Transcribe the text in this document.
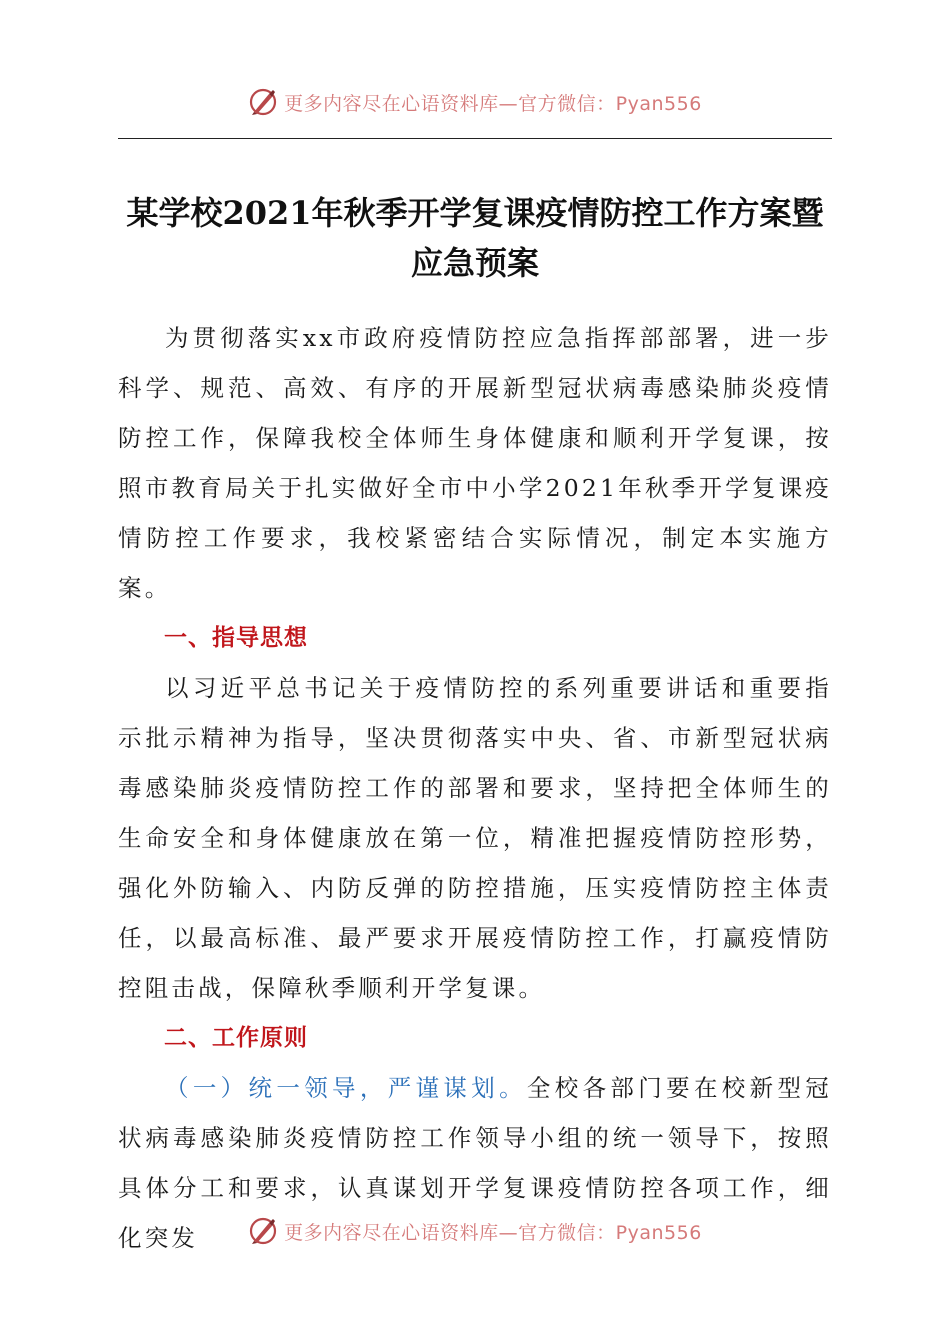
更多内容尽在心语资料库—官方微信：Pyan556
某学校2021年秋季开学复课疫情防控工作方案暨应急预案

为贯彻落实xx市政府疫情防控应急指挥部部署，进一步科学、规范、高效、有序的开展新型冠状病毒感染肺炎疫情防控工作，保障我校全体师生身体健康和顺利开学复课，按照市教育局关于扎实做好全市中小学2021年秋季开学复课疫情防控工作要求，我校紧密结合实际情况，制定本实施方案。

一、指导思想

以习近平总书记关于疫情防控的系列重要讲话和重要指示批示精神为指导，坚决贯彻落实中央、省、市新型冠状病毒感染肺炎疫情防控工作的部署和要求，坚持把全体师生的生命安全和身体健康放在第一位，精准把握疫情防控形势，强化外防输入、内防反弹的防控措施，压实疫情防控主体责任，以最高标准、最严要求开展疫情防控工作，打赢疫情防控阻击战，保障秋季顺利开学复课。

二、工作原则

（一）统一领导，严谨谋划。全校各部门要在校新型冠状病毒感染肺炎疫情防控工作领导小组的统一领导下，按照具体分工和要求，认真谋划开学复课疫情防控各项工作，细化突发	更多内容尽在心语资料库—官方微信：Pyan556
